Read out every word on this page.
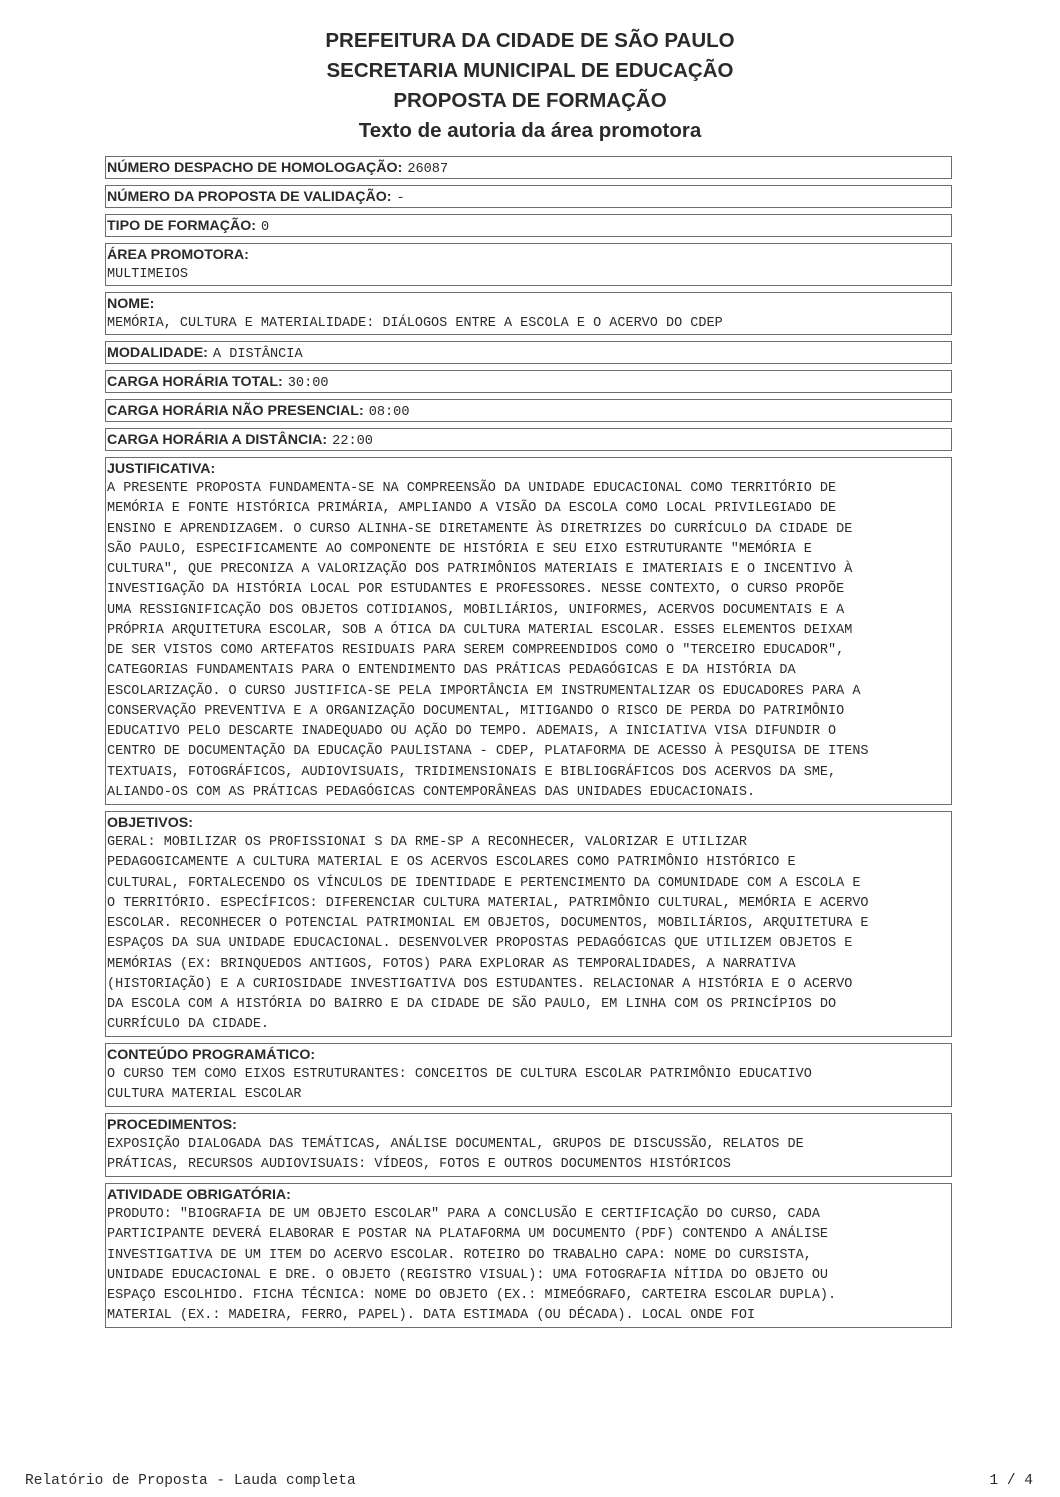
PREFEITURA DA CIDADE DE SÃO PAULO
SECRETARIA MUNICIPAL DE EDUCAÇÃO
PROPOSTA DE FORMAÇÃO
Texto de autoria da área promotora
NÚMERO DESPACHO DE HOMOLOGAÇÃO: 26087
NÚMERO DA PROPOSTA DE VALIDAÇÃO: -
TIPO DE FORMAÇÃO: 0
ÁREA PROMOTORA:
MULTIMEIOS
NOME:
MEMÓRIA, CULTURA E MATERIALIDADE: DIÁLOGOS ENTRE A ESCOLA E O ACERVO DO CDEP
MODALIDADE: A DISTÂNCIA
CARGA HORÁRIA TOTAL: 30:00
CARGA HORÁRIA NÃO PRESENCIAL: 08:00
CARGA HORÁRIA A DISTÂNCIA: 22:00
JUSTIFICATIVA:
A PRESENTE PROPOSTA FUNDAMENTA-SE NA COMPREENSÃO DA UNIDADE EDUCACIONAL COMO TERRITÓRIO DE
MEMÓRIA E FONTE HISTÓRICA PRIMÁRIA, AMPLIANDO A VISÃO DA ESCOLA COMO LOCAL PRIVILEGIADO DE
ENSINO E APRENDIZAGEM. O CURSO ALINHA-SE DIRETAMENTE ÀS DIRETRIZES DO CURRÍCULO DA CIDADE DE
SÃO PAULO, ESPECIFICAMENTE AO COMPONENTE DE HISTÓRIA E SEU EIXO ESTRUTURANTE "MEMÓRIA E
CULTURA", QUE PRECONIZA A VALORIZAÇÃO DOS PATRIMÔNIOS MATERIAIS E IMATERIAIS E O INCENTIVO À
INVESTIGAÇÃO DA HISTÓRIA LOCAL POR ESTUDANTES E PROFESSORES. NESSE CONTEXTO, O CURSO PROPÕE
UMA RESSIGNIFICAÇÃO DOS OBJETOS COTIDIANOS, MOBILIÁRIOS, UNIFORMES, ACERVOS DOCUMENTAIS E A
PRÓPRIA ARQUITETURA ESCOLAR, SOB A ÓTICA DA CULTURA MATERIAL ESCOLAR. ESSES ELEMENTOS DEIXAM
DE SER VISTOS COMO ARTEFATOS RESIDUAIS PARA SEREM COMPREENDIDOS COMO O "TERCEIRO EDUCADOR",
CATEGORIAS FUNDAMENTAIS PARA O ENTENDIMENTO DAS PRÁTICAS PEDAGÓGICAS E DA HISTÓRIA DA
ESCOLARIZAÇÃO. O CURSO JUSTIFICA-SE PELA IMPORTÂNCIA EM INSTRUMENTALIZAR OS EDUCADORES PARA A
CONSERVAÇÃO PREVENTIVA E A ORGANIZAÇÃO DOCUMENTAL, MITIGANDO O RISCO DE PERDA DO PATRIMÔNIO
EDUCATIVO PELO DESCARTE INADEQUADO OU AÇÃO DO TEMPO. ADEMAIS, A INICIATIVA VISA DIFUNDIR O
CENTRO DE DOCUMENTAÇÃO DA EDUCAÇÃO PAULISTANA - CDEP, PLATAFORMA DE ACESSO À PESQUISA DE ITENS
TEXTUAIS, FOTOGRÁFICOS, AUDIOVISUAIS, TRIDIMENSIONAIS E BIBLIOGRÁFICOS DOS ACERVOS DA SME,
ALIANDO-OS COM AS PRÁTICAS PEDAGÓGICAS CONTEMPORÂNEAS DAS UNIDADES EDUCACIONAIS.
OBJETIVOS:
GERAL: MOBILIZAR OS PROFISSIONAI S DA RME-SP A RECONHECER, VALORIZAR E UTILIZAR
PEDAGOGICAMENTE A CULTURA MATERIAL E OS ACERVOS ESCOLARES COMO PATRIMÔNIO HISTÓRICO E
CULTURAL, FORTALECENDO OS VÍNCULOS DE IDENTIDADE E PERTENCIMENTO DA COMUNIDADE COM A ESCOLA E
O TERRITÓRIO. ESPECÍFICOS: DIFERENCIAR CULTURA MATERIAL, PATRIMÔNIO CULTURAL, MEMÓRIA E ACERVO
ESCOLAR. RECONHECER O POTENCIAL PATRIMONIAL EM OBJETOS, DOCUMENTOS, MOBILIÁRIOS, ARQUITETURA E
ESPAÇOS DA SUA UNIDADE EDUCACIONAL. DESENVOLVER PROPOSTAS PEDAGÓGICAS QUE UTILIZEM OBJETOS E
MEMÓRIAS (EX: BRINQUEDOS ANTIGOS, FOTOS) PARA EXPLORAR AS TEMPORALIDADES, A NARRATIVA
(HISTORIAÇÃO) E A CURIOSIDADE INVESTIGATIVA DOS ESTUDANTES. RELACIONAR A HISTÓRIA E O ACERVO
DA ESCOLA COM A HISTÓRIA DO BAIRRO E DA CIDADE DE SÃO PAULO, EM LINHA COM OS PRINCÍPIOS DO
CURRÍCULO DA CIDADE.
CONTEÚDO PROGRAMÁTICO:
O CURSO TEM COMO EIXOS ESTRUTURANTES: CONCEITOS DE CULTURA ESCOLAR PATRIMÔNIO EDUCATIVO
CULTURA MATERIAL ESCOLAR
PROCEDIMENTOS:
EXPOSIÇÃO DIALOGADA DAS TEMÁTICAS, ANÁLISE DOCUMENTAL, GRUPOS DE DISCUSSÃO, RELATOS DE
PRÁTICAS, RECURSOS AUDIOVISUAIS: VÍDEOS, FOTOS E OUTROS DOCUMENTOS HISTÓRICOS
ATIVIDADE OBRIGATÓRIA:
PRODUTO: "BIOGRAFIA DE UM OBJETO ESCOLAR" PARA A CONCLUSÃO E CERTIFICAÇÃO DO CURSO, CADA
PARTICIPANTE DEVERÁ ELABORAR E POSTAR NA PLATAFORMA UM DOCUMENTO (PDF) CONTENDO A ANÁLISE
INVESTIGATIVA DE UM ITEM DO ACERVO ESCOLAR. ROTEIRO DO TRABALHO CAPA: NOME DO CURSISTA,
UNIDADE EDUCACIONAL E DRE. O OBJETO (REGISTRO VISUAL): UMA FOTOGRAFIA NÍTIDA DO OBJETO OU
ESPAÇO ESCOLHIDO. FICHA TÉCNICA: NOME DO OBJETO (EX.: MIMEÓGRAFO, CARTEIRA ESCOLAR DUPLA).
MATERIAL (EX.: MADEIRA, FERRO, PAPEL). DATA ESTIMADA (OU DÉCADA). LOCAL ONDE FOI
Relatório de Proposta - Lauda completa	1 / 4
